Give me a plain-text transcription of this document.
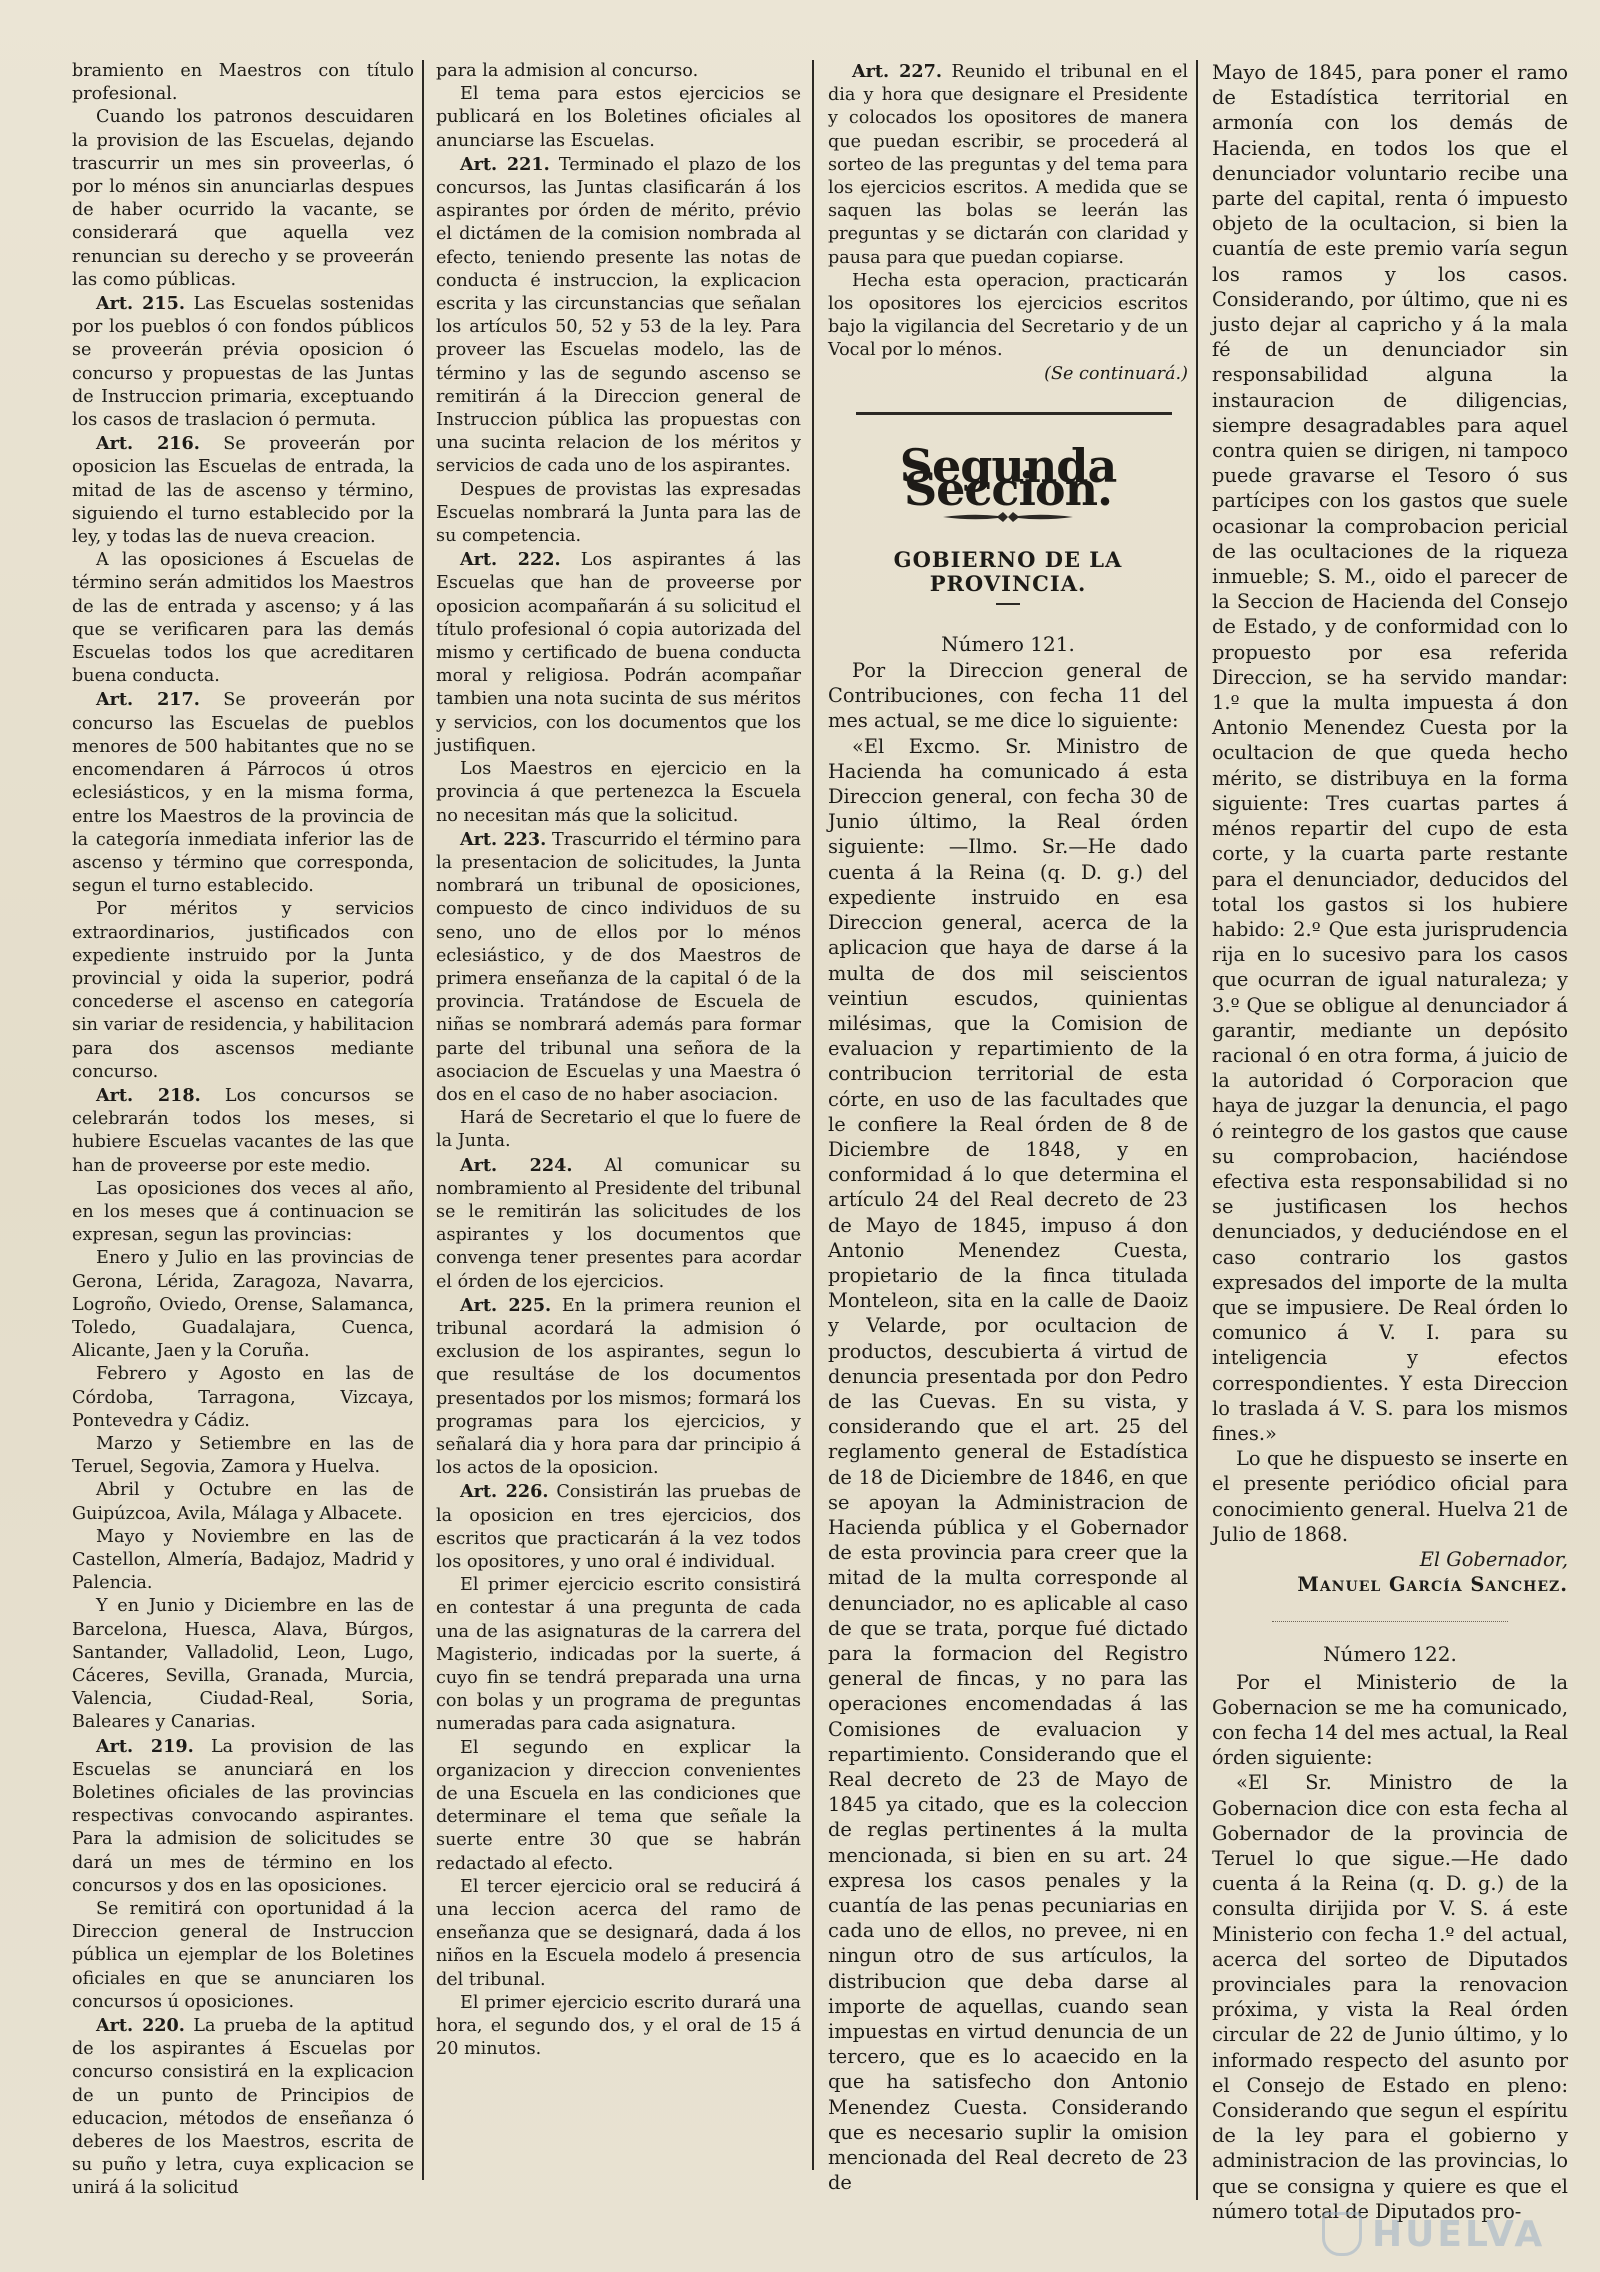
bramiento en Maestros con título profesional.

Cuando los patronos descuidaren la provision de las Escuelas, dejando trascurrir un mes sin proveerlas, ó por lo ménos sin anunciarlas despues de haber ocurrido la vacante, se considerará que aquella vez renuncian su derecho y se proveerán las como públicas.

Art. 215. Las Escuelas sostenidas por los pueblos ó con fondos públicos se proveerán prévia oposicion ó concurso y propuestas de las Juntas de Instruccion primaria, exceptuando los casos de traslacion ó permuta.

Art. 216. Se proveerán por oposicion las Escuelas de entrada, la mitad de las de ascenso y término, siguiendo el turno establecido por la ley, y todas las de nueva creacion.

A las oposiciones á Escuelas de término serán admitidos los Maestros de las de entrada y ascenso; y á las que se verificaren para las demás Escuelas todos los que acreditaren buena conducta.

Art. 217. Se proveerán por concurso las Escuelas de pueblos menores de 500 habitantes que no se encomendaren á Párrocos ú otros eclesiásticos, y en la misma forma, entre los Maestros de la provincia de la categoría inmediata inferior las de ascenso y término que corresponda, segun el turno establecido.

Por méritos y servicios extraordinarios, justificados con expediente instruido por la Junta provincial y oida la superior, podrá concederse el ascenso en categoría sin variar de residencia, y habilitacion para dos ascensos mediante concurso.

Art. 218. Los concursos se celebrarán todos los meses, si hubiere Escuelas vacantes de las que han de proveerse por este medio.

Las oposiciones dos veces al año, en los meses que á continuacion se expresan, segun las provincias:

Enero y Julio en las provincias de Gerona, Lérida, Zaragoza, Navarra, Logroño, Oviedo, Orense, Salamanca, Toledo, Guadalajara, Cuenca, Alicante, Jaen y la Coruña.

Febrero y Agosto en las de Córdoba, Tarragona, Vizcaya, Pontevedra y Cádiz.

Marzo y Setiembre en las de Teruel, Segovia, Zamora y Huelva.

Abril y Octubre en las de Guipúzcoa, Avila, Málaga y Albacete.

Mayo y Noviembre en las de Castellon, Almería, Badajoz, Madrid y Palencia.

Y en Junio y Diciembre en las de Barcelona, Huesca, Alava, Búrgos, Santander, Valladolid, Leon, Lugo, Cáceres, Sevilla, Granada, Murcia, Valencia, Ciudad-Real, Soria, Baleares y Canarias.

Art. 219. La provision de las Escuelas se anunciará en los Boletines oficiales de las provincias respectivas convocando aspirantes. Para la admision de solicitudes se dará un mes de término en los concursos y dos en las oposiciones.

Se remitirá con oportunidad á la Direccion general de Instruccion pública un ejemplar de los Boletines oficiales en que se anunciaren los concursos ú oposiciones.

Art. 220. La prueba de la aptitud de los aspirantes á Escuelas por concurso consistirá en la explicacion de un punto de Principios de educacion, métodos de enseñanza ó deberes de los Maestros, escrita de su puño y letra, cuya explicacion se unirá á la solicitud

para la admision al concurso.

El tema para estos ejercicios se publicará en los Boletines oficiales al anunciarse las Escuelas.

Art. 221. Terminado el plazo de los concursos, las Juntas clasificarán á los aspirantes por órden de mérito, prévio el dictámen de la comision nombrada al efecto, teniendo presente las notas de conducta é instruccion, la explicacion escrita y las circunstancias que señalan los artículos 50, 52 y 53 de la ley. Para proveer las Escuelas modelo, las de término y las de segundo ascenso se remitirán á la Direccion general de Instruccion pública las propuestas con una sucinta relacion de los méritos y servicios de cada uno de los aspirantes.

Despues de provistas las expresadas Escuelas nombrará la Junta para las de su competencia.

Art. 222. Los aspirantes á las Escuelas que han de proveerse por oposicion acompañarán á su solicitud el título profesional ó copia autorizada del mismo y certificado de buena conducta moral y religiosa. Podrán acompañar tambien una nota sucinta de sus méritos y servicios, con los documentos que los justifiquen.

Los Maestros en ejercicio en la provincia á que pertenezca la Escuela no necesitan más que la solicitud.

Art. 223. Trascurrido el término para la presentacion de solicitudes, la Junta nombrará un tribunal de oposiciones, compuesto de cinco individuos de su seno, uno de ellos por lo ménos eclesiástico, y de dos Maestros de primera enseñanza de la capital ó de la provincia. Tratándose de Escuela de niñas se nombrará además para formar parte del tribunal una señora de la asociacion de Escuelas y una Maestra ó dos en el caso de no haber asociacion.

Hará de Secretario el que lo fuere de la Junta.

Art. 224. Al comunicar su nombramiento al Presidente del tribunal se le remitirán las solicitudes de los aspirantes y los documentos que convenga tener presentes para acordar el órden de los ejercicios.

Art. 225. En la primera reunion el tribunal acordará la admision ó exclusion de los aspirantes, segun lo que resultáse de los documentos presentados por los mismos; formará los programas para los ejercicios, y señalará dia y hora para dar principio á los actos de la oposicion.

Art. 226. Consistirán las pruebas de la oposicion en tres ejercicios, dos escritos que practicarán á la vez todos los opositores, y uno oral é individual.

El primer ejercicio escrito consistirá en contestar á una pregunta de cada una de las asignaturas de la carrera del Magisterio, indicadas por la suerte, á cuyo fin se tendrá preparada una urna con bolas y un programa de preguntas numeradas para cada asignatura.

El segundo en explicar la organizacion y direccion convenientes de una Escuela en las condiciones que determinare el tema que señale la suerte entre 30 que se habrán redactado al efecto.

El tercer ejercicio oral se reducirá á una leccion acerca del ramo de enseñanza que se designará, dada á los niños en la Escuela modelo á presencia del tribunal.

El primer ejercicio escrito durará una hora, el segundo dos, y el oral de 15 á 20 minutos.

Art. 227. Reunido el tribunal en el dia y hora que designare el Presidente y colocados los opositores de manera que puedan escribir, se procederá al sorteo de las preguntas y del tema para los ejercicios escritos. A medida que se saquen las bolas se leerán las preguntas y se dictarán con claridad y pausa para que puedan copiarse.

Hecha esta operacion, practicarán los opositores los ejercicios escritos bajo la vigilancia del Secretario y de un Vocal por lo ménos.

(Se continuará.)

Segunda Seccion.
GOBIERNO DE LA PROVINCIA.
Número 121.

Por la Direccion general de Contribuciones, con fecha 11 del mes actual, se me dice lo siguiente:

«El Excmo. Sr. Ministro de Hacienda ha comunicado á esta Direccion general, con fecha 30 de Junio último, la Real órden siguiente: —Ilmo. Sr.—He dado cuenta á la Reina (q. D. g.) del expediente instruido en esa Direccion general, acerca de la aplicacion que haya de darse á la multa de dos mil seiscientos veintiun escudos, quinientas milésimas, que la Comision de evaluacion y repartimiento de la contribucion territorial de esta córte, en uso de las facultades que le confiere la Real órden de 8 de Diciembre de 1848, y en conformidad á lo que determina el artículo 24 del Real decreto de 23 de Mayo de 1845, impuso á don Antonio Menendez Cuesta, propietario de la finca titulada Monteleon, sita en la calle de Daoiz y Velarde, por ocultacion de productos, descubierta á virtud de denuncia presentada por don Pedro de las Cuevas. En su vista, y considerando que el art. 25 del reglamento general de Estadística de 18 de Diciembre de 1846, en que se apoyan la Administracion de Hacienda pública y el Gobernador de esta provincia para creer que la mitad de la multa corresponde al denunciador, no es aplicable al caso de que se trata, porque fué dictado para la formacion del Registro general de fincas, y no para las operaciones encomendadas á las Comisiones de evaluacion y repartimiento. Considerando que el Real decreto de 23 de Mayo de 1845 ya citado, que es la coleccion de reglas pertinentes á la multa mencionada, si bien en su art. 24 expresa los casos penales y la cuantía de las penas pecuniarias en cada uno de ellos, no prevee, ni en ningun otro de sus artículos, la distribucion que deba darse al importe de aquellas, cuando sean impuestas en virtud denuncia de un tercero, que es lo acaecido en la que ha satisfecho don Antonio Menendez Cuesta. Considerando que es necesario suplir la omision mencionada del Real decreto de 23 de

Mayo de 1845, para poner el ramo de Estadística territorial en armonía con los demás de Hacienda, en todos los que el denunciador voluntario recibe una parte del capital, renta ó impuesto objeto de la ocultacion, si bien la cuantía de este premio varía segun los ramos y los casos. Considerando, por último, que ni es justo dejar al capricho y á la mala fé de un denunciador sin responsabilidad alguna la instauracion de diligencias, siempre desagradables para aquel contra quien se dirigen, ni tampoco puede gravarse el Tesoro ó sus partícipes con los gastos que suele ocasionar la comprobacion pericial de las ocultaciones de la riqueza inmueble; S. M., oido el parecer de la Seccion de Hacienda del Consejo de Estado, y de conformidad con lo propuesto por esa referida Direccion, se ha servido mandar: 1.º que la multa impuesta á don Antonio Menendez Cuesta por la ocultacion de que queda hecho mérito, se distribuya en la forma siguiente: Tres cuartas partes á ménos repartir del cupo de esta corte, y la cuarta parte restante para el denunciador, deducidos del total los gastos si los hubiere habido: 2.º Que esta jurisprudencia rija en lo sucesivo para los casos que ocurran de igual naturaleza; y 3.º Que se obligue al denunciador á garantir, mediante un depósito racional ó en otra forma, á juicio de la autoridad ó Corporacion que haya de juzgar la denuncia, el pago ó reintegro de los gastos que cause su comprobacion, haciéndose efectiva esta responsabilidad si no se justificasen los hechos denunciados, y deduciéndose en el caso contrario los gastos expresados del importe de la multa que se impusiere. De Real órden lo comunico á V. I. para su inteligencia y efectos correspondientes. Y esta Direccion lo traslada á V. S. para los mismos fines.»

Lo que he dispuesto se inserte en el presente periódico oficial para conocimiento general. Huelva 21 de Julio de 1868.

El Gobernador,

Manuel García Sanchez.

Número 122.

Por el Ministerio de la Gobernacion se me ha comunicado, con fecha 14 del mes actual, la Real órden siguiente:

«El Sr. Ministro de la Gobernacion dice con esta fecha al Gobernador de la provincia de Teruel lo que sigue.—He dado cuenta á la Reina (q. D. g.) de la consulta dirijida por V. S. á este Ministerio con fecha 1.º del actual, acerca del sorteo de Diputados provinciales para la renovacion próxima, y vista la Real órden circular de 22 de Junio último, y lo informado respecto del asunto por el Consejo de Estado en pleno: Considerando que segun el espíritu de la ley para el gobierno y administracion de las provincias, lo que se consigna y quiere es que el número total de Diputados pro-

HUELVA
